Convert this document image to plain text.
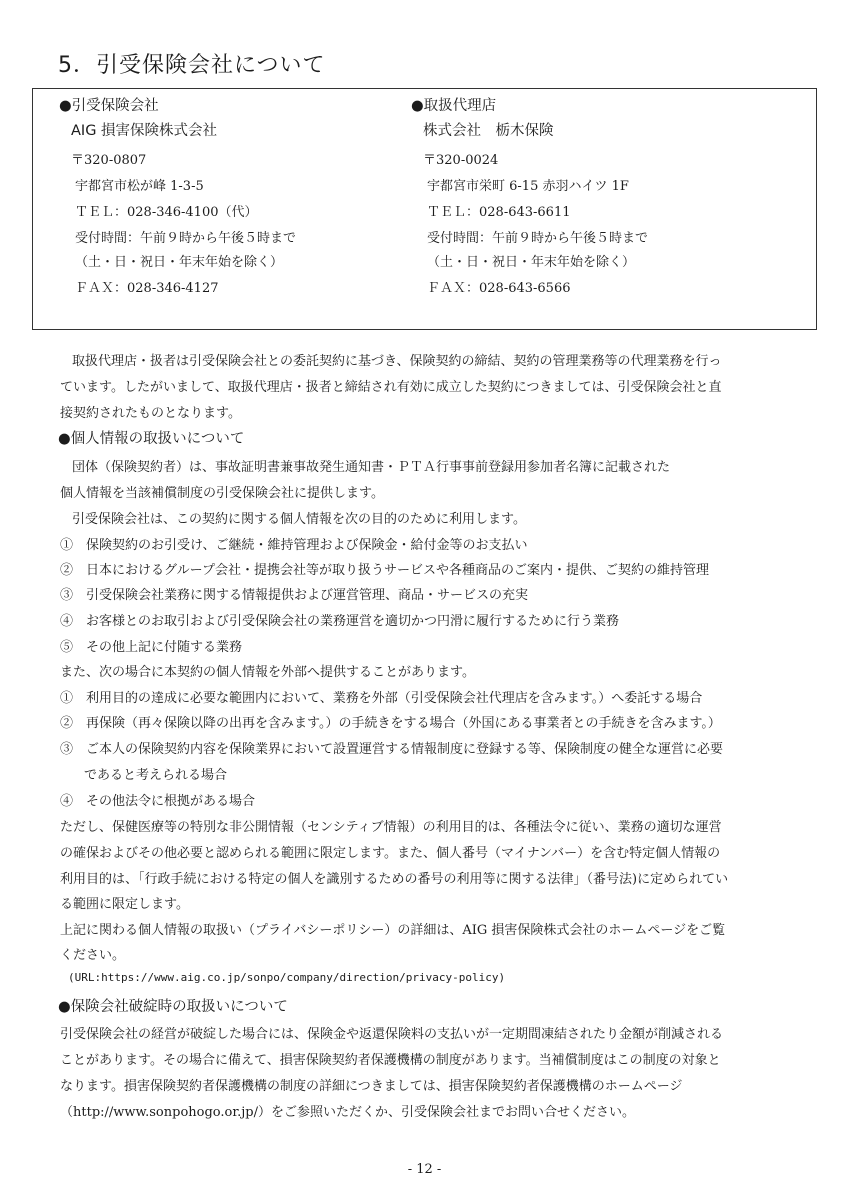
5．引受保険会社について
●引受保険会社
AIG 損害保険株式会社
〒320-0807
宇都宮市松が峰 1-3-5
ＴＥＬ：028-346-4100（代）
受付時間：午前９時から午後５時まで
（土・日・祝日・年末年始を除く）
ＦＡＸ：028-346-4127
●取扱代理店
株式会社　栃木保険
〒320-0024
宇都宮市栄町 6-15 赤羽ハイツ 1F
ＴＥＬ：028-643-6611
受付時間：午前９時から午後５時まで
（土・日・祝日・年末年始を除く）
ＦＡＸ：028-643-6566
取扱代理店・扱者は引受保険会社との委託契約に基づき、保険契約の締結、契約の管理業務等の代理業務を行っ
ています。したがいまして、取扱代理店・扱者と締結され有効に成立した契約につきましては、引受保険会社と直
接契約されたものとなります。
●個人情報の取扱いについて
団体（保険契約者）は、事故証明書兼事故発生通知書・ＰＴＡ行事事前登録用参加者名簿に記載された
個人情報を当該補償制度の引受保険会社に提供します。
引受保険会社は、この契約に関する個人情報を次の目的のために利用します。
①　保険契約のお引受け、ご継続・維持管理および保険金・給付金等のお支払い
②　日本におけるグループ会社・提携会社等が取り扱うサービスや各種商品のご案内・提供、ご契約の維持管理
③　引受保険会社業務に関する情報提供および運営管理、商品・サービスの充実
④　お客様とのお取引および引受保険会社の業務運営を適切かつ円滑に履行するために行う業務
⑤　その他上記に付随する業務
また、次の場合に本契約の個人情報を外部へ提供することがあります。
①　利用目的の達成に必要な範囲内において、業務を外部（引受保険会社代理店を含みます。）へ委託する場合
②　再保険（再々保険以降の出再を含みます。）の手続きをする場合（外国にある事業者との手続きを含みます。）
③　ご本人の保険契約内容を保険業界において設置運営する情報制度に登録する等、保険制度の健全な運営に必要
であると考えられる場合
④　その他法令に根拠がある場合
ただし、保健医療等の特別な非公開情報（センシティブ情報）の利用目的は、各種法令に従い、業務の適切な運営
の確保およびその他必要と認められる範囲に限定します。また、個人番号（マイナンバー）を含む特定個人情報の
利用目的は、｢行政手続における特定の個人を識別するための番号の利用等に関する法律｣（番号法)に定められてい
る範囲に限定します。
上記に関わる個人情報の取扱い（プライバシーポリシー）の詳細は、AIG 損害保険株式会社のホームページをご覧
ください。
(URL:https://www.aig.co.jp/sonpo/company/direction/privacy-policy)
●保険会社破綻時の取扱いについて
引受保険会社の経営が破綻した場合には、保険金や返還保険料の支払いが一定期間凍結されたり金額が削減される
ことがあります。その場合に備えて、損害保険契約者保護機構の制度があります。当補償制度はこの制度の対象と
なります。損害保険契約者保護機構の制度の詳細につきましては、損害保険契約者保護機構のホームページ
（http://www.sonpohogo.or.jp/）をご参照いただくか、引受保険会社までお問い合せください。
- 12 -
